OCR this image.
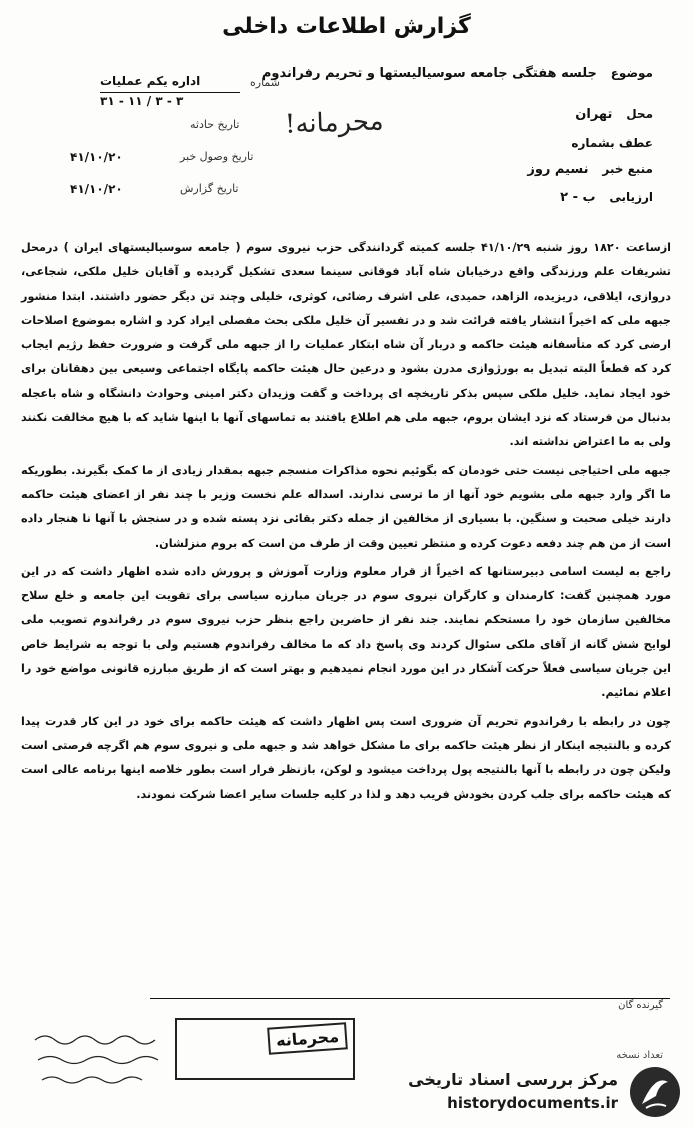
گزارش اطلاعات داخلی
موضوع جلسه هفتگی جامعه سوسیالیستها و تحریم رفراندوم
محل تهران
عطف بشماره
منبع خبر نسیم روز
ارزیابی ب - ۲
شماره
اداره یکم عملیات
۳۱ - ۱۱ / ۳ - ۳
تاریخ حادثه
تاریخ وصول خبر
۴۱/۱۰/۲۰
تاریخ گزارش
۴۱/۱۰/۲۰
محرمانه!

ازساعت ۱۸۲۰ روز شنبه ۴۱/۱۰/۲۹ جلسه کمیته گردانندگی حزب نیروی سوم ( جامعه سوسیالیستهای ایران ) درمحل تشریفات علم ورزندگی واقع درخیابان شاه آباد فوقانی سینما سعدی تشکیل گردیده و آقایان خلیل ملکی، شجاعی، دروازی، ایلاقی، دریزیده، الزاهد، حمیدی، علی اشرف رضائی، کوثری، خلیلی وچند تن دیگر حضور داشتند. ابتدا منشور جبهه ملی که اخیراً انتشار یافته قرائت شد و در تفسیر آن خلیل ملکی بحث مفصلی ایراد کرد و اشاره بموضوع اصلاحات ارضی کرد که متأسفانه هیئت حاکمه و دربار آن شاه ابتکار عملیات را از جبهه ملی گرفت و ضرورت حفظ رژیم ایجاب کرد که قطعاً البته تبدیل به بورژوازی مدرن بشود و درعین حال هیئت حاکمه پایگاه اجتماعی وسیعی بین دهقانان برای خود ایجاد نماید. خلیل ملکی سپس بذکر تاریخچه ای پرداخت و گفت وزیدان دکتر امینی وحوادث دانشگاه و شاه باعجله بدنبال من فرستاد که نزد ایشان بروم، جبهه ملی هم اطلاع یافتند به تماسهای آنها با اینها شاید که با هیچ مخالفت نکنند ولی به ما اعتراض نداشته اند.

جبهه ملی احتیاجی نیست حتی خودمان که بگوئیم نحوه مذاکرات منسجم جبهه بمقدار زیادی از ما کمک بگیرند. بطوریکه ما اگر وارد جبهه ملی بشویم خود آنها از ما ترسی ندارند. اسداله علم نخست وزیر با چند نفر از اعضای هیئت حاکمه دارند خیلی صحبت و سنگین. با بسیاری از مخالفین از جمله دکتر بقائی نزد پسته شده و در سنجش با آنها نا هنجار داده است از من هم چند دفعه دعوت کرده و منتظر تعیین وقت از طرف من است که بروم منزلشان.

راجع به لیست اسامی دبیرستانها که اخیراً از قرار معلوم وزارت آموزش و پرورش داده شده اظهار داشت که در این مورد همچنین گفت: کارمندان و کارگران نیروی سوم در جریان مبارزه سیاسی برای تقویت این جامعه و خلع سلاح مخالفین سازمان خود را مستحکم نمایند. جند نفر از حاضرین راجع بنظر حزب نیروی سوم در رفراندوم تصویب ملی لوایح شش گانه از آقای ملکی سئوال کردند وی پاسخ داد که ما مخالف رفراندوم هستیم ولی با توجه به شرایط خاص این جریان سیاسی فعلاً حرکت آشکار در این مورد انجام نمیدهیم و بهتر است که از طریق مبارزه قانونی مواضع خود را اعلام نمائیم.

چون در رابطه با رفراندوم تحریم آن ضروری است پس اظهار داشت که هیئت حاکمه برای خود در این کار قدرت پیدا کرده و بالنتیجه اینکار از نظر هیئت حاکمه برای ما مشکل خواهد شد و جبهه ملی و نیروی سوم هم اگرچه فرصتی است ولیکن چون در رابطه با آنها بالنتیجه پول پرداخت میشود و لوکن، بازنظر فرار است بطور خلاصه اینها برنامه عالی است که هیئت حاکمه برای جلب کردن بخودش فریب دهد و لذا در کلیه جلسات سایر اعضا شرکت نمودند.

گیرنده گان
تعداد نسخه
محرمانه
مرکز بررسی اسناد تاریخی
historydocuments.ir
